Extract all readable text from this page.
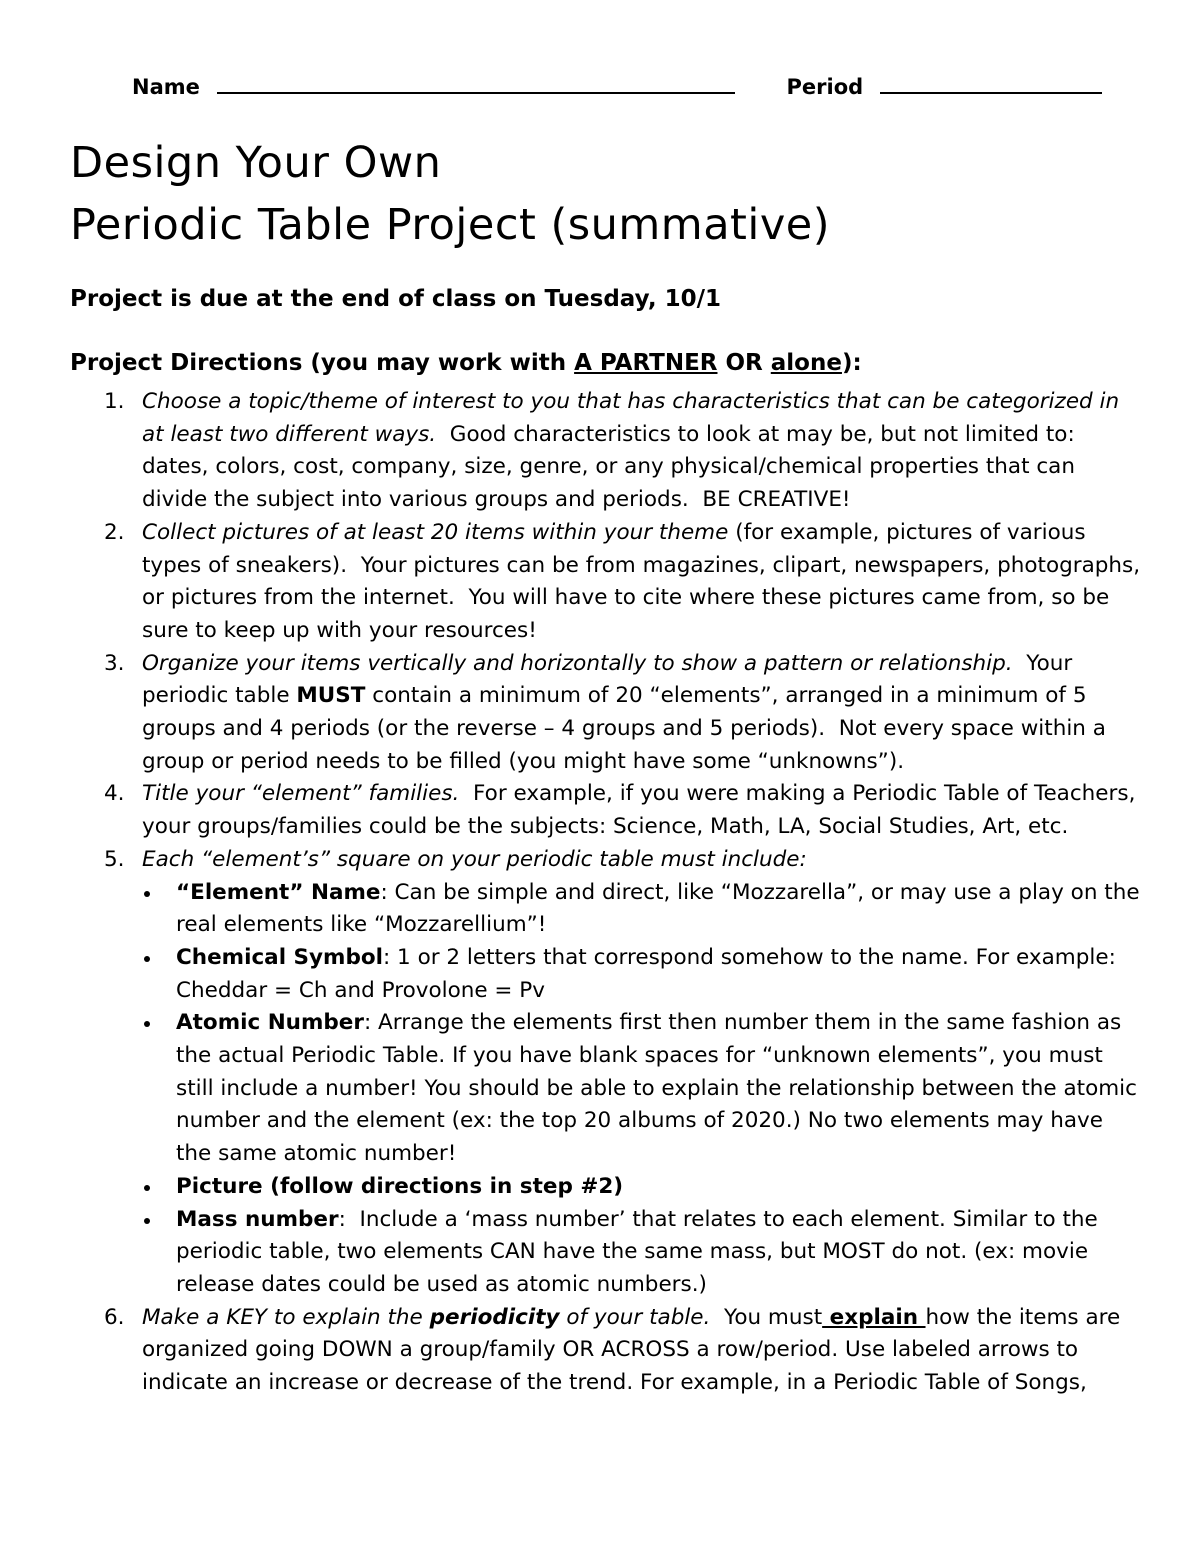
Name	Period
Design Your Own
Periodic Table Project (summative)
Project is due at the end of class on Tuesday, 10/1
Project Directions (you may work with A PARTNER OR alone):
1. Choose a topic/theme of interest to you that has characteristics that can be categorized in at least two different ways.  Good characteristics to look at may be, but not limited to: dates, colors, cost, company, size, genre, or any physical/chemical properties that can divide the subject into various groups and periods.  BE CREATIVE!
2. Collect pictures of at least 20 items within your theme (for example, pictures of various types of sneakers).  Your pictures can be from magazines, clipart, newspapers, photographs, or pictures from the internet.  You will have to cite where these pictures came from, so be sure to keep up with your resources!
3. Organize your items vertically and horizontally to show a pattern or relationship.  Your periodic table MUST contain a minimum of 20 “elements”, arranged in a minimum of 5 groups and 4 periods (or the reverse – 4 groups and 5 periods).  Not every space within a group or period needs to be filled (you might have some “unknowns”).
4. Title your “element” families.  For example, if you were making a Periodic Table of Teachers, your groups/families could be the subjects: Science, Math, LA, Social Studies, Art, etc.
5. Each “element’s” square on your periodic table must include:
“Element” Name: Can be simple and direct, like “Mozzarella”, or may use a play on the real elements like “Mozzarellium”!
Chemical Symbol: 1 or 2 letters that correspond somehow to the name. For example: Cheddar = Ch and Provolone = Pv
Atomic Number: Arrange the elements first then number them in the same fashion as the actual Periodic Table. If you have blank spaces for “unknown elements”, you must still include a number! You should be able to explain the relationship between the atomic number and the element (ex: the top 20 albums of 2020.) No two elements may have the same atomic number!
Picture (follow directions in step #2)
Mass number:  Include a ‘mass number’ that relates to each element. Similar to the periodic table, two elements CAN have the same mass, but MOST do not. (ex: movie release dates could be used as atomic numbers.)
6. Make a KEY to explain the periodicity of your table.  You must explain how the items are organized going DOWN a group/family OR ACROSS a row/period. Use labeled arrows to indicate an increase or decrease of the trend. For example, in a Periodic Table of Songs,
